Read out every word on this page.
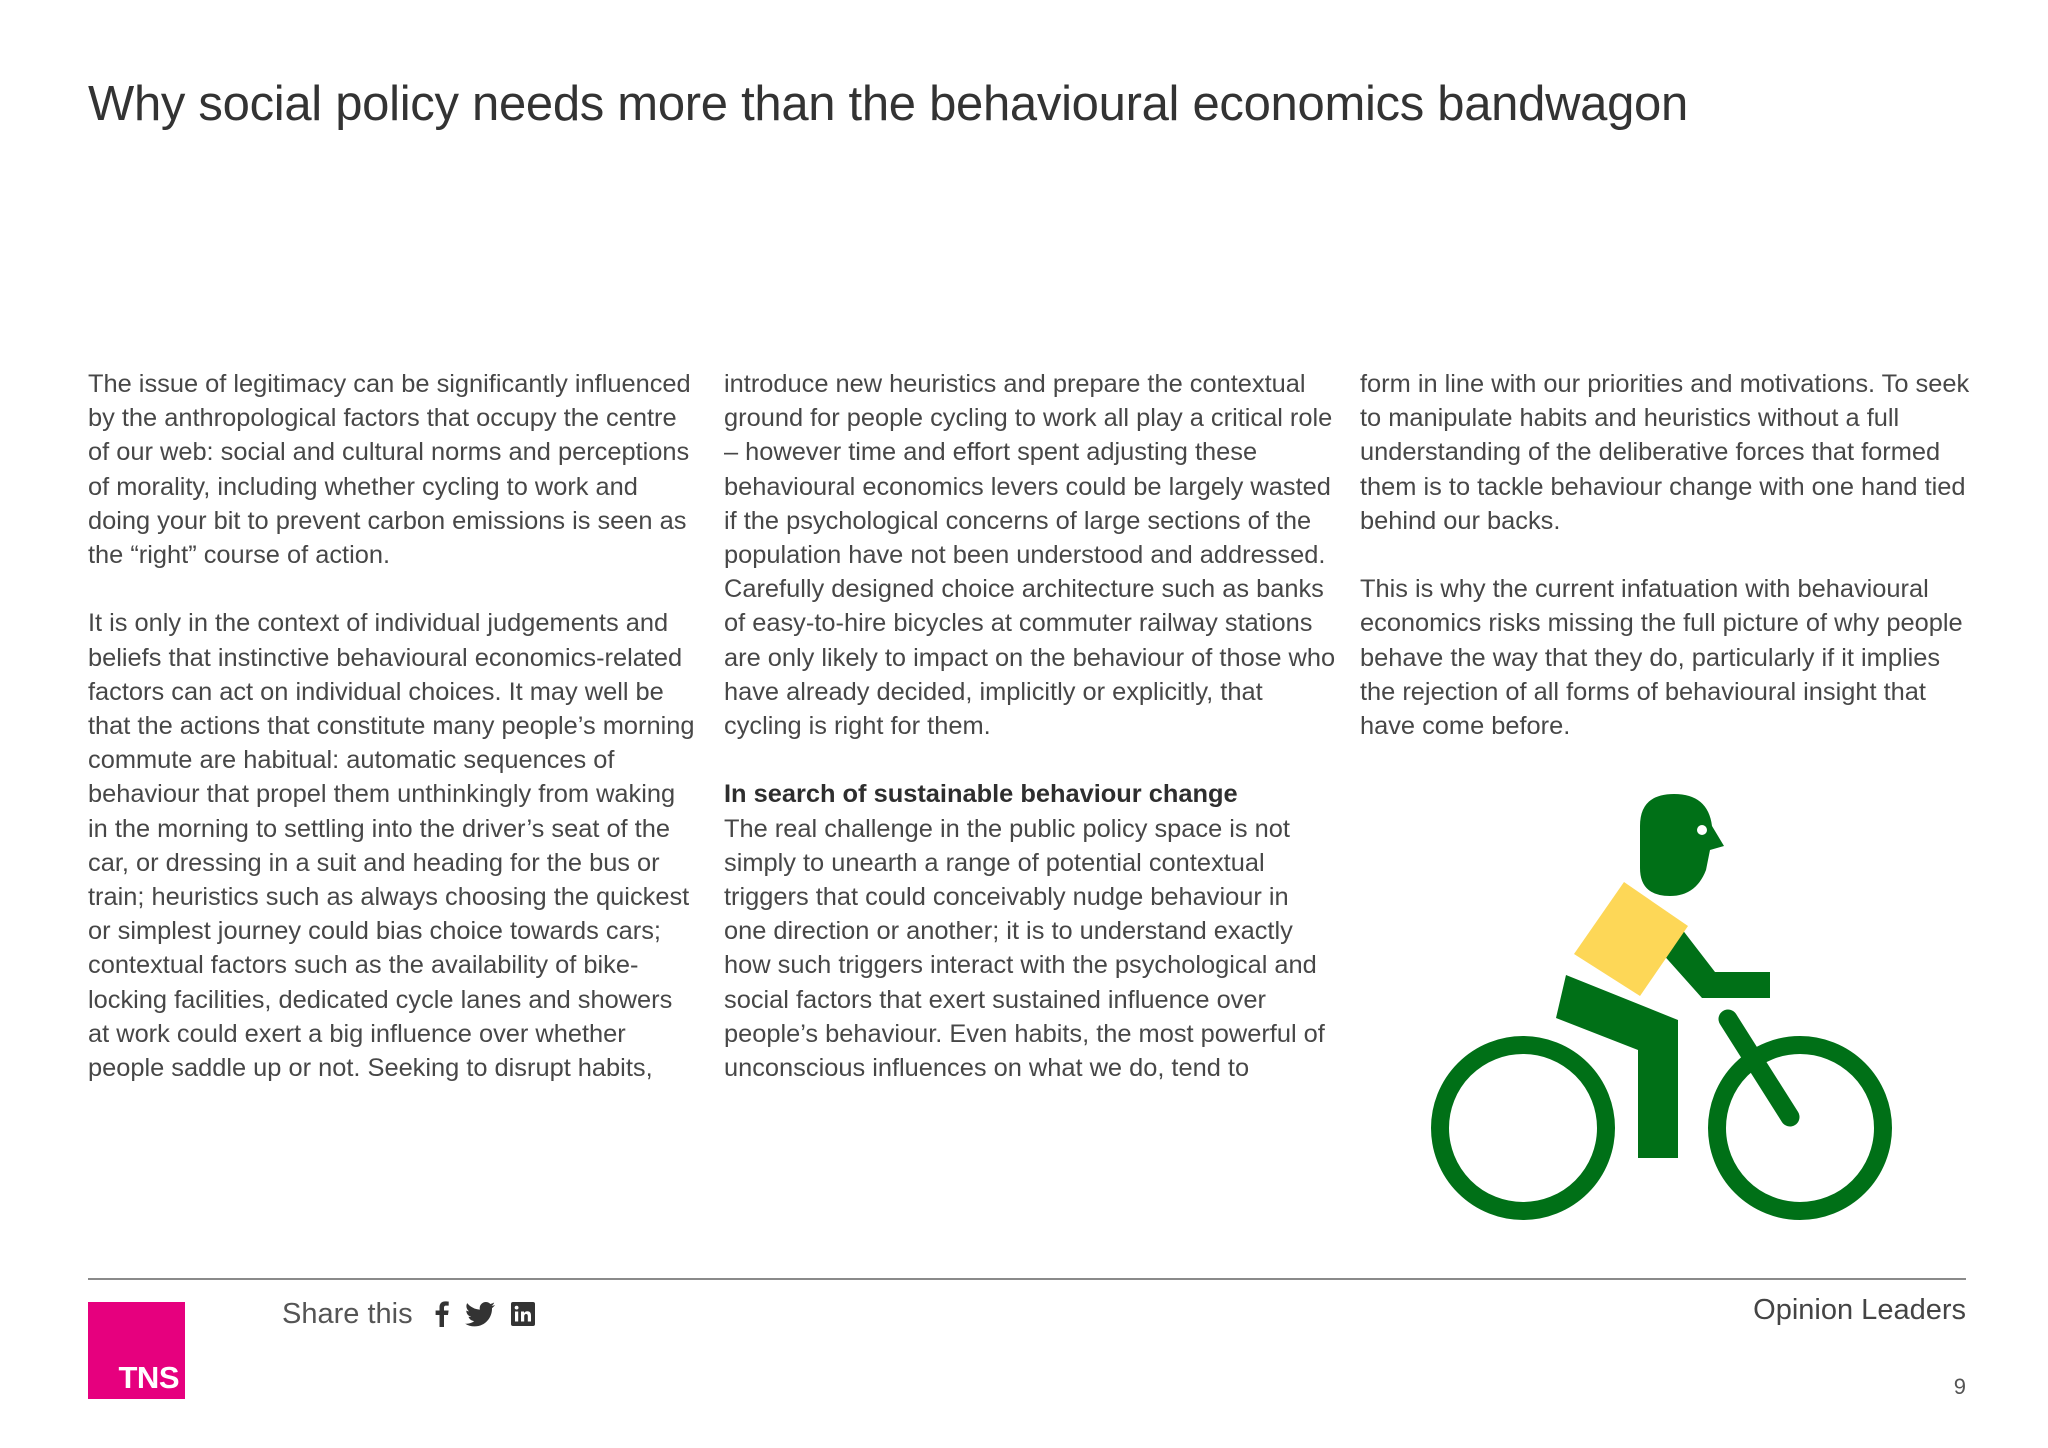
Why social policy needs more than the behavioural economics bandwagon

The issue of legitimacy can be significantly influenced by the anthropological factors that occupy the centre of our web: social and cultural norms and perceptions of morality, including whether cycling to work and doing your bit to prevent carbon emissions is seen as the “right” course of action.

It is only in the context of individual judgements and beliefs that instinctive behavioural economics-related factors can act on individual choices. It may well be that the actions that constitute many people’s morning commute are habitual: automatic sequences of behaviour that propel them unthinkingly from waking in the morning to settling into the driver’s seat of the car, or dressing in a suit and heading for the bus or train; heuristics such as always choosing the quickest or simplest journey could bias choice towards cars; contextual factors such as the availability of bike-locking facilities, dedicated cycle lanes and showers at work could exert a big influence over whether people saddle up or not. Seeking to disrupt habits,

introduce new heuristics and prepare the contextual ground for people cycling to work all play a critical role – however time and effort spent adjusting these behavioural economics levers could be largely wasted if the psychological concerns of large sections of the population have not been understood and addressed. Carefully designed choice architecture such as banks of easy-to-hire bicycles at commuter railway stations are only likely to impact on the behaviour of those who have already decided, implicitly or explicitly, that cycling is right for them.

In search of sustainable behaviour change

The real challenge in the public policy space is not simply to unearth a range of potential contextual triggers that could conceivably nudge behaviour in one direction or another; it is to understand exactly how such triggers interact with the psychological and social factors that exert sustained influence over people’s behaviour. Even habits, the most powerful of unconscious influences on what we do, tend to

form in line with our priorities and motivations. To seek to manipulate habits and heuristics without a full understanding of the deliberative forces that formed them is to tackle behaviour change with one hand tied behind our backs.

This is why the current infatuation with behavioural economics risks missing the full picture of why people behave the way that they do, particularly if it implies the rejection of all forms of behavioural insight that have come before.

TNS
Share this	Opinion Leaders
9
